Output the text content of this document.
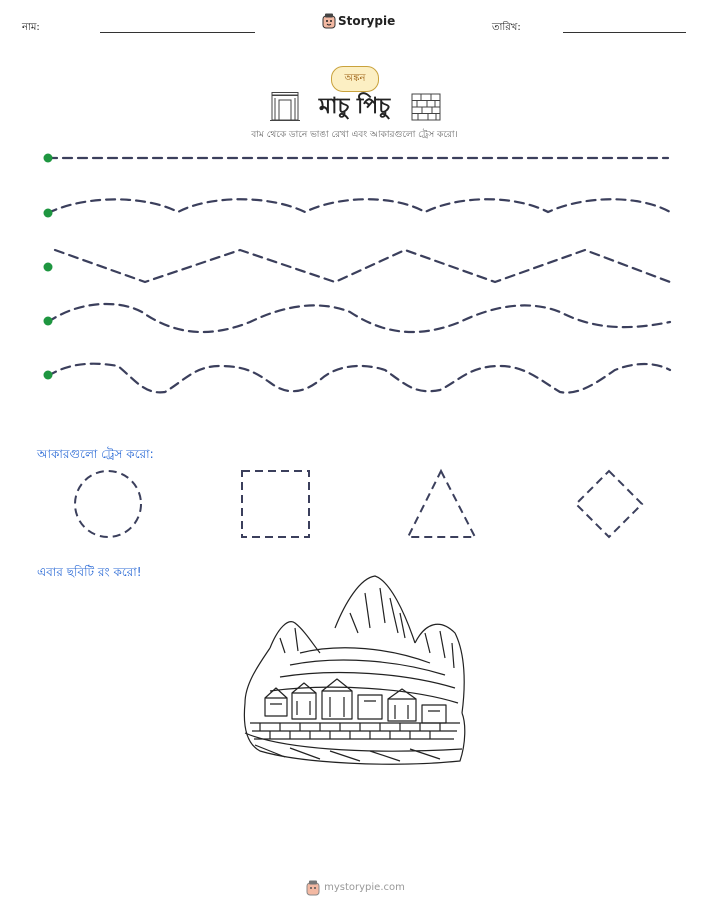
নাম:	Storypie	তারিখ:
অঙ্কন
মাচু পিচু
বাম থেকে ডানে ভাঙা রেখা এবং আকারগুলো ট্রেস করো।
আকারগুলো ট্রেস করো:
এবার ছবিটি রং করো!
mystorypie.com
